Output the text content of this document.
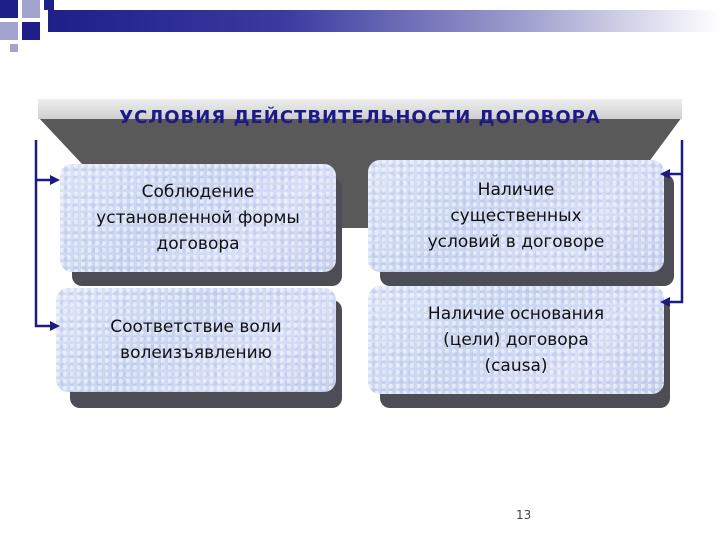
УСЛОВИЯ ДЕЙСТВИТЕЛЬНОСТИ ДОГОВОРА
Соблюдение
установленной формы
договора
Наличие
существенных
условий в договоре
Соответствие воли
волеизъявлению
Наличие основания
(цели) договора
(causa)
13
